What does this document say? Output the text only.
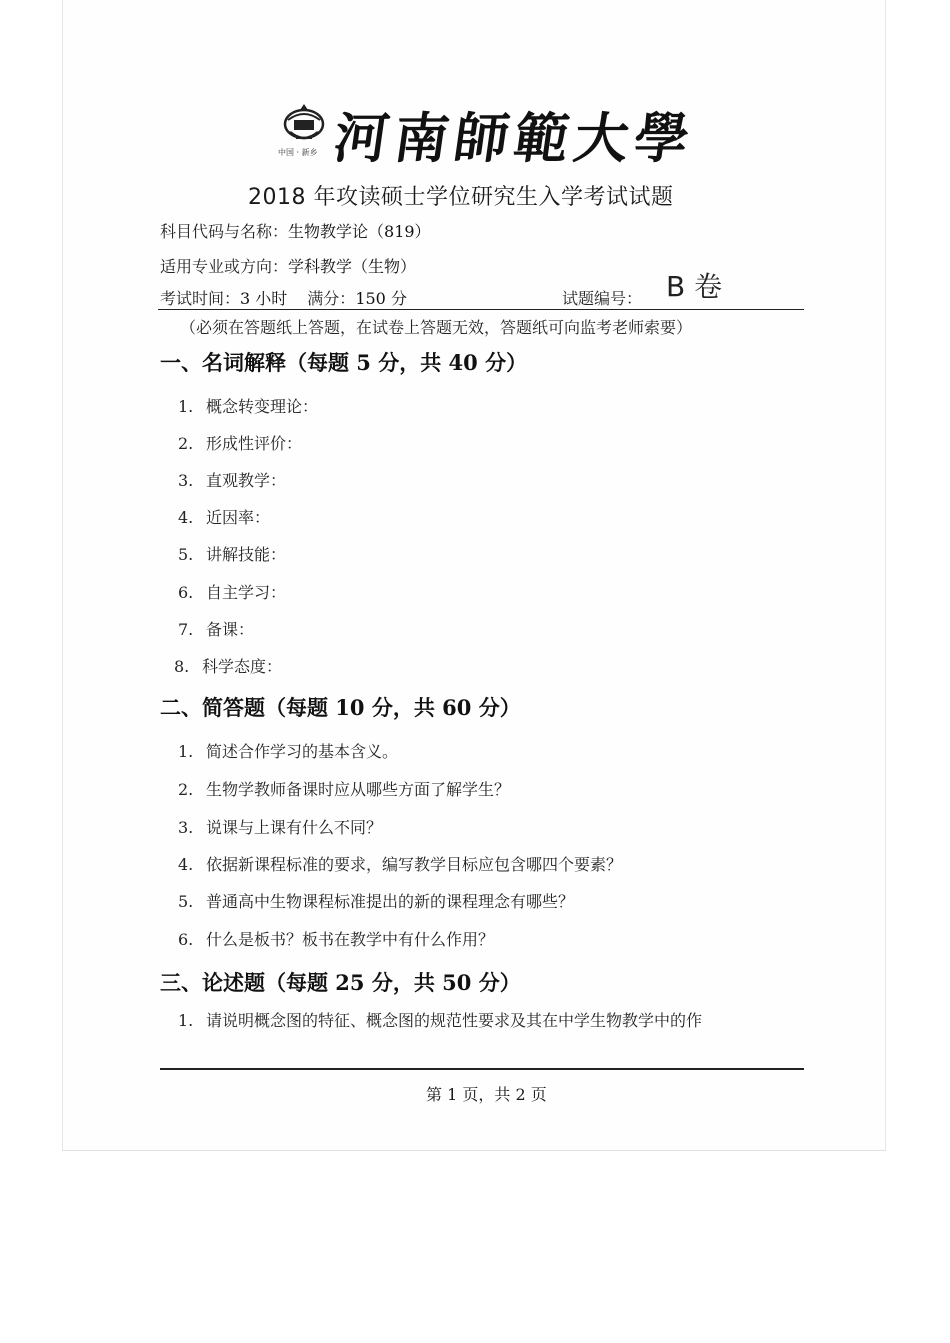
中国 · 新乡 河南師範大學
2018 年攻读硕士学位研究生入学考试试题
科目代码与名称：生物教学论（819）
适用专业或方向：学科教学（生物）
考试时间：3 小时 满分：150 分	试题编号： B 卷
（必须在答题纸上答题，在试卷上答题无效，答题纸可向监考老师索要）
一、名词解释（每题 5 分，共 40 分）
1. 概念转变理论：
2. 形成性评价：
3. 直观教学：
4. 近因率：
5. 讲解技能：
6. 自主学习：
7. 备课：
8. 科学态度：
二、简答题（每题 10 分，共 60 分）
1. 简述合作学习的基本含义。
2. 生物学教师备课时应从哪些方面了解学生？
3. 说课与上课有什么不同？
4. 依据新课程标准的要求，编写教学目标应包含哪四个要素？
5. 普通高中生物课程标准提出的新的课程理念有哪些？
6. 什么是板书？板书在教学中有什么作用？
三、论述题（每题 25 分，共 50 分）
1. 请说明概念图的特征、概念图的规范性要求及其在中学生物教学中的作
第 1 页，共 2 页
